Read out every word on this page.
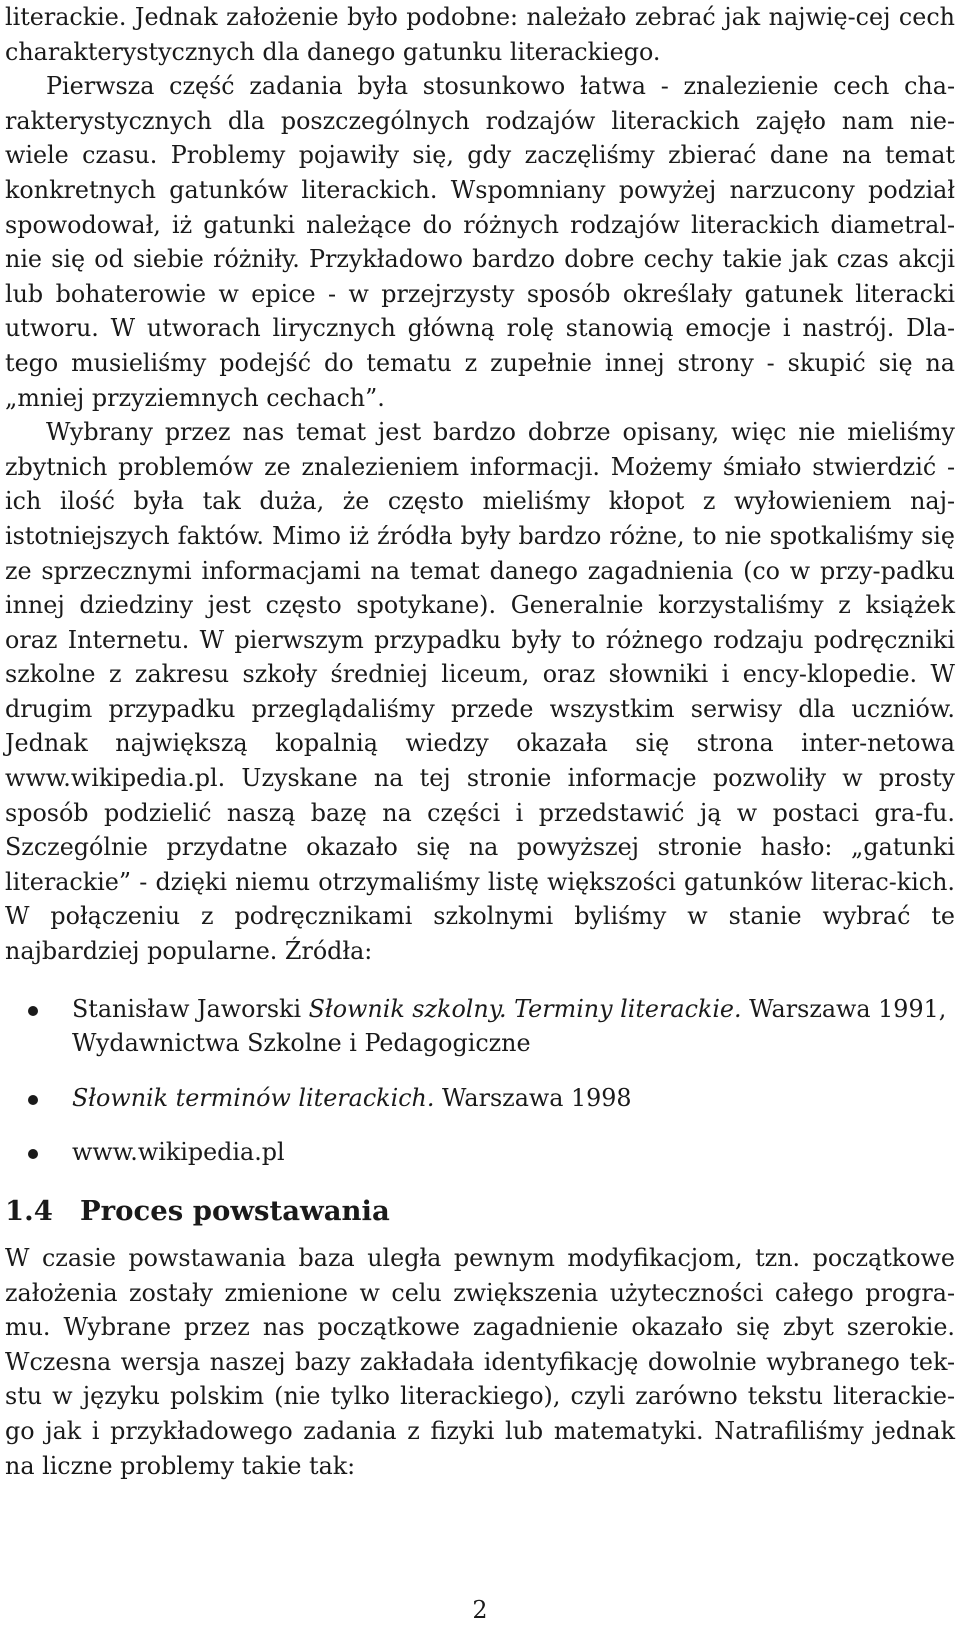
literackie. Jednak założenie było podobne: należało zebrać jak najwię-cej cech charakterystycznych dla danego gatunku literackiego.

Pierwsza część zadania była stosunkowo łatwa - znalezienie cech cha-rakterystycznych dla poszczególnych rodzajów literackich zajęło nam nie-wiele czasu. Problemy pojawiły się, gdy zaczęliśmy zbierać dane na temat konkretnych gatunków literackich. Wspomniany powyżej narzucony podział spowodował, iż gatunki należące do różnych rodzajów literackich diametral-nie się od siebie różniły. Przykładowo bardzo dobre cechy takie jak czas akcji lub bohaterowie w epice - w przejrzysty sposób określały gatunek literacki utworu. W utworach lirycznych główną rolę stanowią emocje i nastrój. Dla-tego musieliśmy podejść do tematu z zupełnie innej strony - skupić się na „mniej przyziemnych cechach”.

Wybrany przez nas temat jest bardzo dobrze opisany, więc nie mieliśmy zbytnich problemów ze znalezieniem informacji. Możemy śmiało stwierdzić - ich ilość była tak duża, że często mieliśmy kłopot z wyłowieniem naj-istotniejszych faktów. Mimo iż źródła były bardzo różne, to nie spotkaliśmy się ze sprzecznymi informacjami na temat danego zagadnienia (co w przy-padku innej dziedziny jest często spotykane). Generalnie korzystaliśmy z książek oraz Internetu. W pierwszym przypadku były to różnego rodzaju podręczniki szkolne z zakresu szkoły średniej liceum, oraz słowniki i ency-klopedie. W drugim przypadku przeglądaliśmy przede wszystkim serwisy dla uczniów. Jednak największą kopalnią wiedzy okazała się strona inter-netowa www.wikipedia.pl. Uzyskane na tej stronie informacje pozwoliły w prosty sposób podzielić naszą bazę na części i przedstawić ją w postaci gra-fu. Szczególnie przydatne okazało się na powyższej stronie hasło: „gatunki literackie” - dzięki niemu otrzymaliśmy listę większości gatunków literac-kich. W połączeniu z podręcznikami szkolnymi byliśmy w stanie wybrać te najbardziej popularne. Źródła:

Stanisław Jaworski Słownik szkolny. Terminy literackie. Warszawa 1991, Wydawnictwa Szkolne i Pedagogiczne
Słownik terminów literackich. Warszawa 1998
www.wikipedia.pl
1.4 Proces powstawania

W czasie powstawania baza uległa pewnym modyfikacjom, tzn. początkowe założenia zostały zmienione w celu zwiększenia użyteczności całego progra-mu. Wybrane przez nas początkowe zagadnienie okazało się zbyt szerokie. Wczesna wersja naszej bazy zakładała identyfikację dowolnie wybranego tek-stu w języku polskim (nie tylko literackiego), czyli zarówno tekstu literackie-go jak i przykładowego zadania z fizyki lub matematyki. Natrafiliśmy jednak na liczne problemy takie tak:

2
